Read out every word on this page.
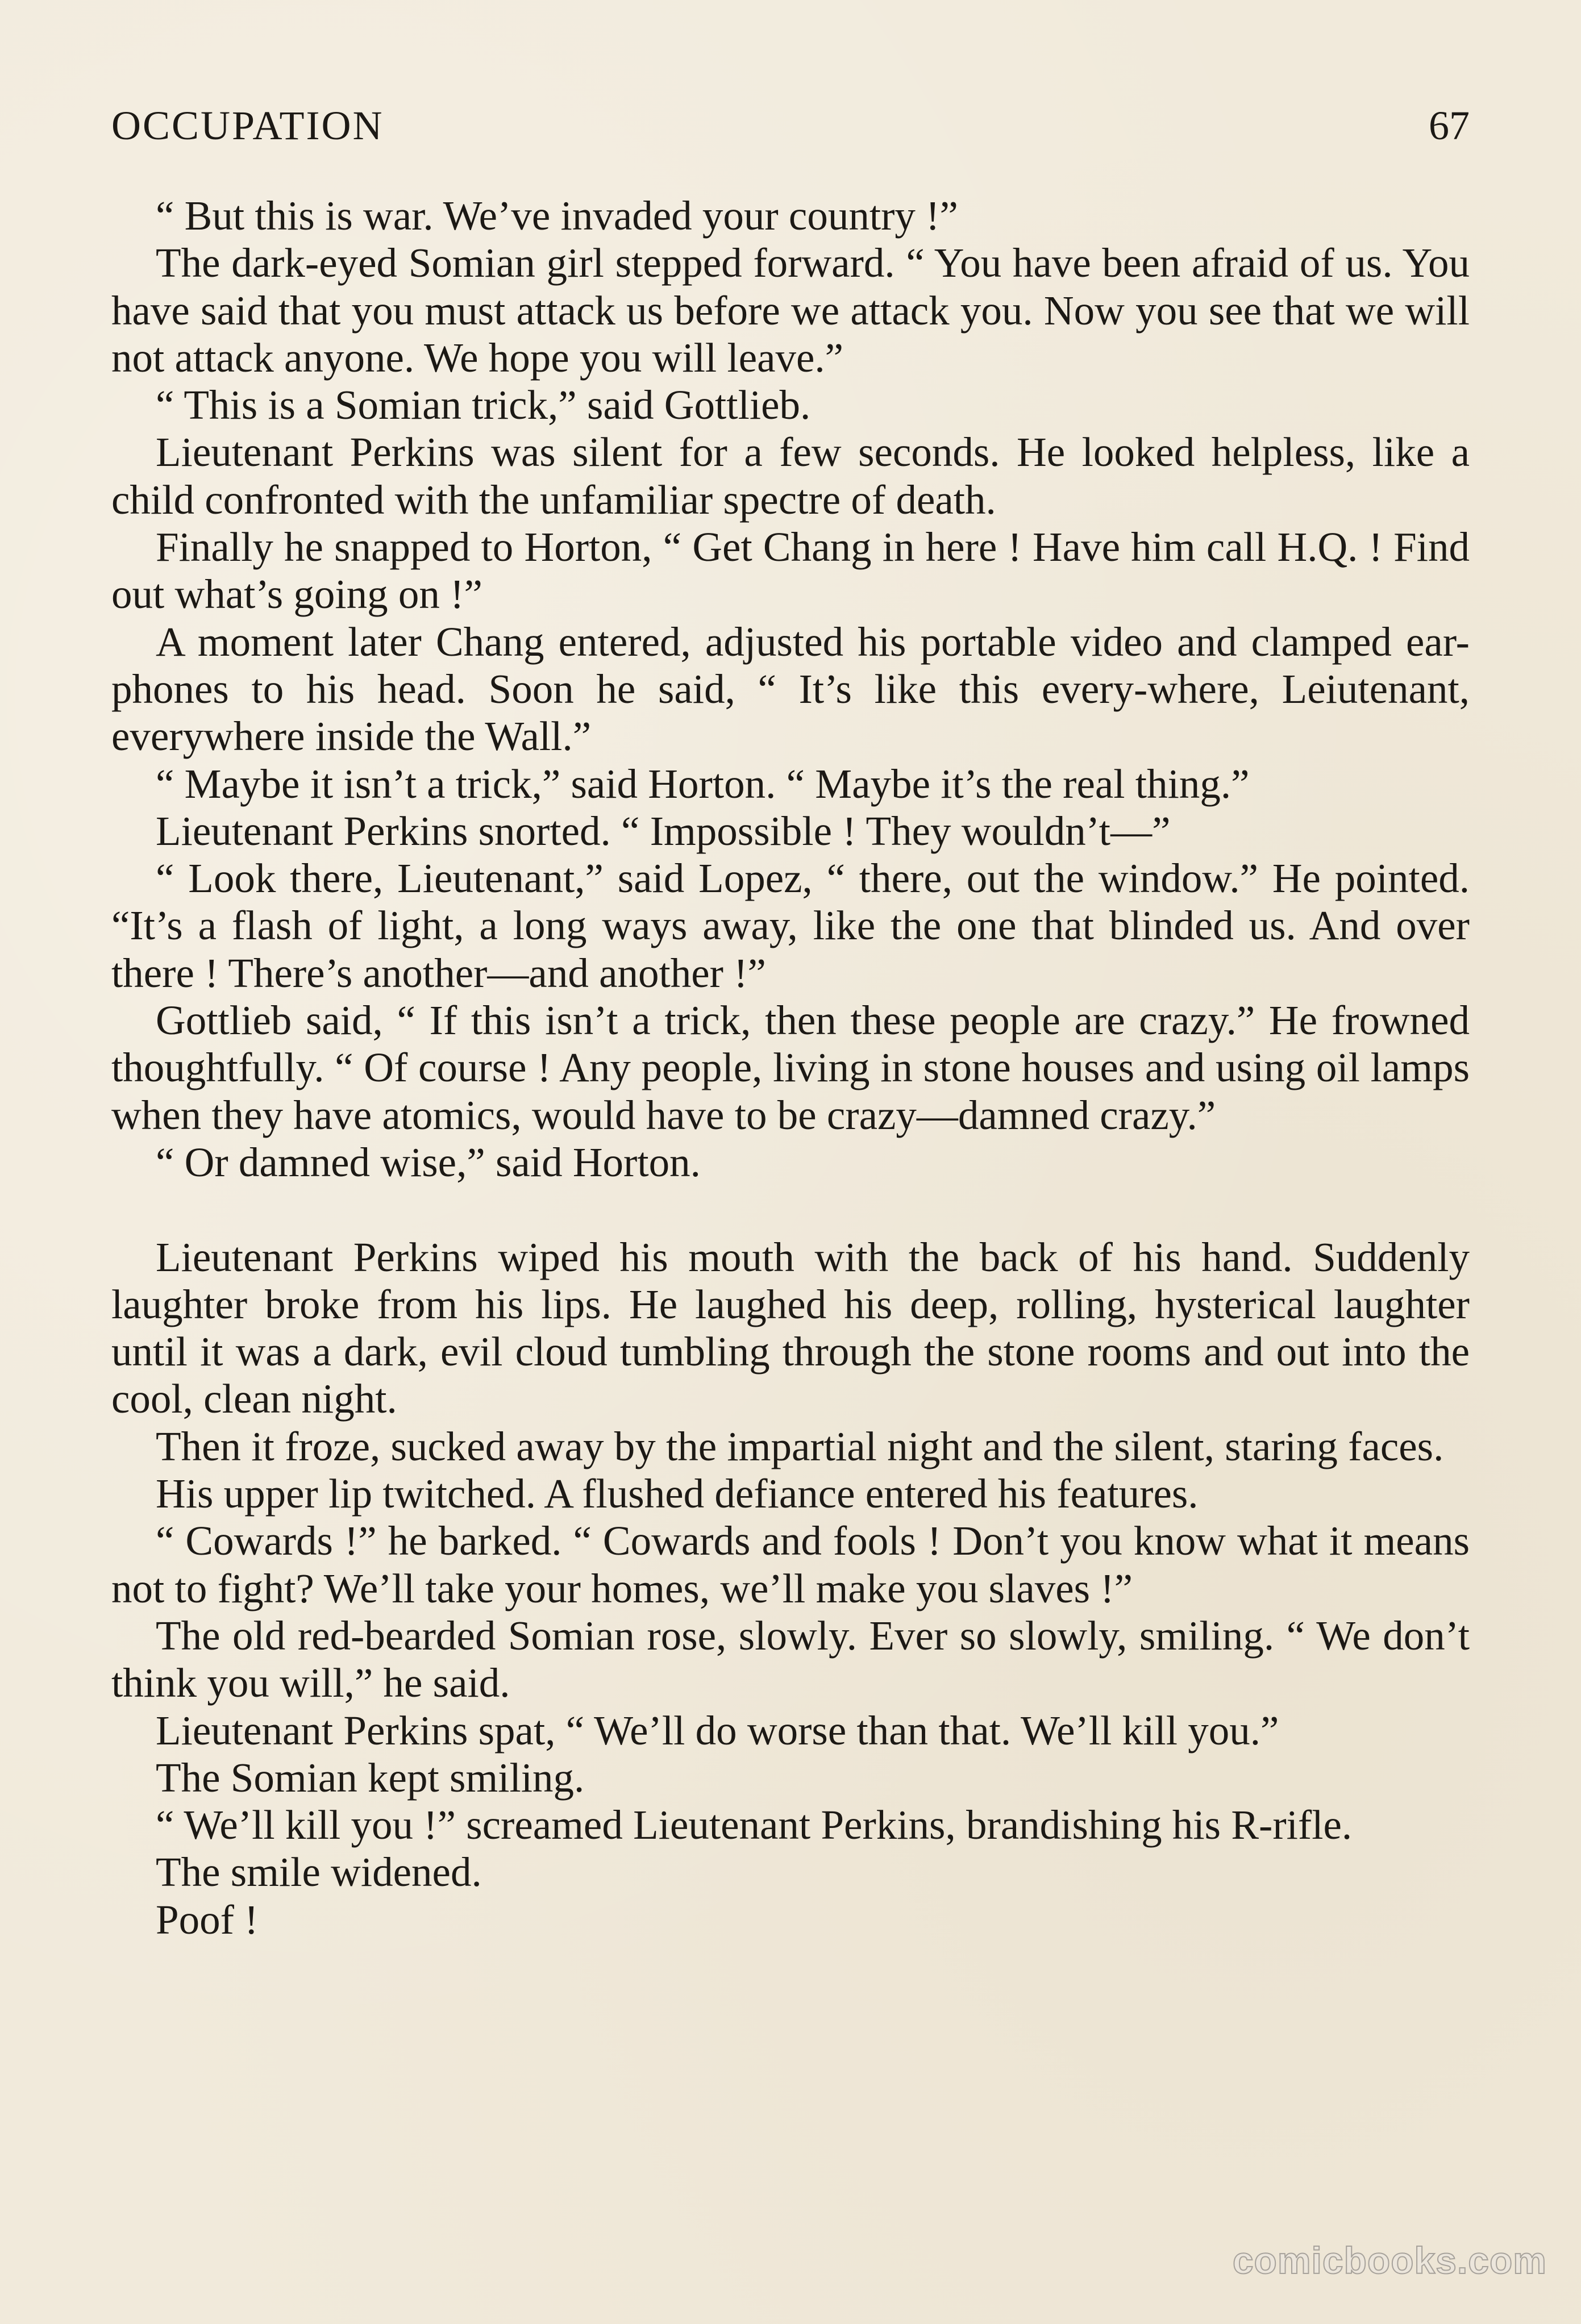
OCCUPATION	67

“ But this is war. We’ve invaded your country !”

The dark-eyed Somian girl stepped forward. “ You have been afraid of us. You have said that you must attack us before we attack you. Now you see that we will not attack anyone. We hope you will leave.”

“ This is a Somian trick,” said Gottlieb.

Lieutenant Perkins was silent for a few seconds. He looked helpless, like a child confronted with the unfamiliar spectre of death.

Finally he snapped to Horton, “ Get Chang in here ! Have him call H.Q. ! Find out what’s going on !”

A moment later Chang entered, adjusted his portable video and clamped ear-phones to his head. Soon he said, “ It’s like this every-where, Leiutenant, everywhere inside the Wall.”

“ Maybe it isn’t a trick,” said Horton. “ Maybe it’s the real thing.”

Lieutenant Perkins snorted. “ Impossible ! They wouldn’t—”

“ Look there, Lieutenant,” said Lopez, “ there, out the window.” He pointed. “It’s a flash of light, a long ways away, like the one that blinded us. And over there ! There’s another—and another !”

Gottlieb said, “ If this isn’t a trick, then these people are crazy.” He frowned thoughtfully. “ Of course ! Any people, living in stone houses and using oil lamps when they have atomics, would have to be crazy—damned crazy.”

“ Or damned wise,” said Horton.

Lieutenant Perkins wiped his mouth with the back of his hand. Suddenly laughter broke from his lips. He laughed his deep, rolling, hysterical laughter until it was a dark, evil cloud tumbling through the stone rooms and out into the cool, clean night.

Then it froze, sucked away by the impartial night and the silent, staring faces.

His upper lip twitched. A flushed defiance entered his features.

“ Cowards !” he barked. “ Cowards and fools ! Don’t you know what it means not to fight? We’ll take your homes, we’ll make you slaves !”

The old red-bearded Somian rose, slowly. Ever so slowly, smiling. “ We don’t think you will,” he said.

Lieutenant Perkins spat, “ We’ll do worse than that. We’ll kill you.”

The Somian kept smiling.

“ We’ll kill you !” screamed Lieutenant Perkins, brandishing his R-rifle.

The smile widened.

Poof !

comicbooks.com
